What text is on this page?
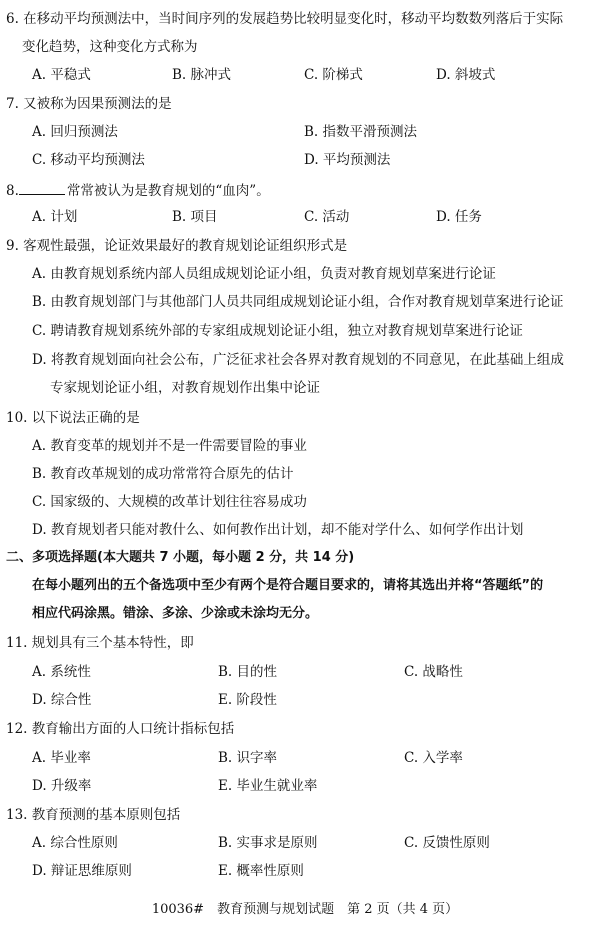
6. 在移动平均预测法中，当时间序列的发展趋势比较明显变化时，移动平均数数列落后于实际
变化趋势，这种变化方式称为
A. 平稳式	B. 脉冲式	C. 阶梯式	D. 斜坡式
7. 又被称为因果预测法的是
A. 回归预测法	B. 指数平滑预测法
C. 移动平均预测法	D. 平均预测法
8.	常常被认为是教育规划的“血肉”。
A. 计划	B. 项目	C. 活动	D. 任务
9. 客观性最强，论证效果最好的教育规划论证组织形式是
A. 由教育规划系统内部人员组成规划论证小组，负责对教育规划草案进行论证
B. 由教育规划部门与其他部门人员共同组成规划论证小组，合作对教育规划草案进行论证
C. 聘请教育规划系统外部的专家组成规划论证小组，独立对教育规划草案进行论证
D. 将教育规划面向社会公布，广泛征求社会各界对教育规划的不同意见，在此基础上组成
专家规划论证小组，对教育规划作出集中论证
10. 以下说法正确的是
A. 教育变革的规划并不是一件需要冒险的事业
B. 教育改革规划的成功常常符合原先的估计
C. 国家级的、大规模的改革计划往往容易成功
D. 教育规划者只能对教什么、如何教作出计划，却不能对学什么、如何学作出计划
二、多项选择题(本大题共 7 小题，每小题 2 分，共 14 分)
在每小题列出的五个备选项中至少有两个是符合题目要求的，请将其选出并将“答题纸”的
相应代码涂黑。错涂、多涂、少涂或未涂均无分。
11. 规划具有三个基本特性，即
A. 系统性	B. 目的性	C. 战略性
D. 综合性	E. 阶段性
12. 教育输出方面的人口统计指标包括
A. 毕业率	B. 识字率	C. 入学率
D. 升级率	E. 毕业生就业率
13. 教育预测的基本原则包括
A. 综合性原则	B. 实事求是原则	C. 反馈性原则
D. 辩证思维原则	E. 概率性原则
10036#　教育预测与规划试题　第 2 页（共 4 页）
